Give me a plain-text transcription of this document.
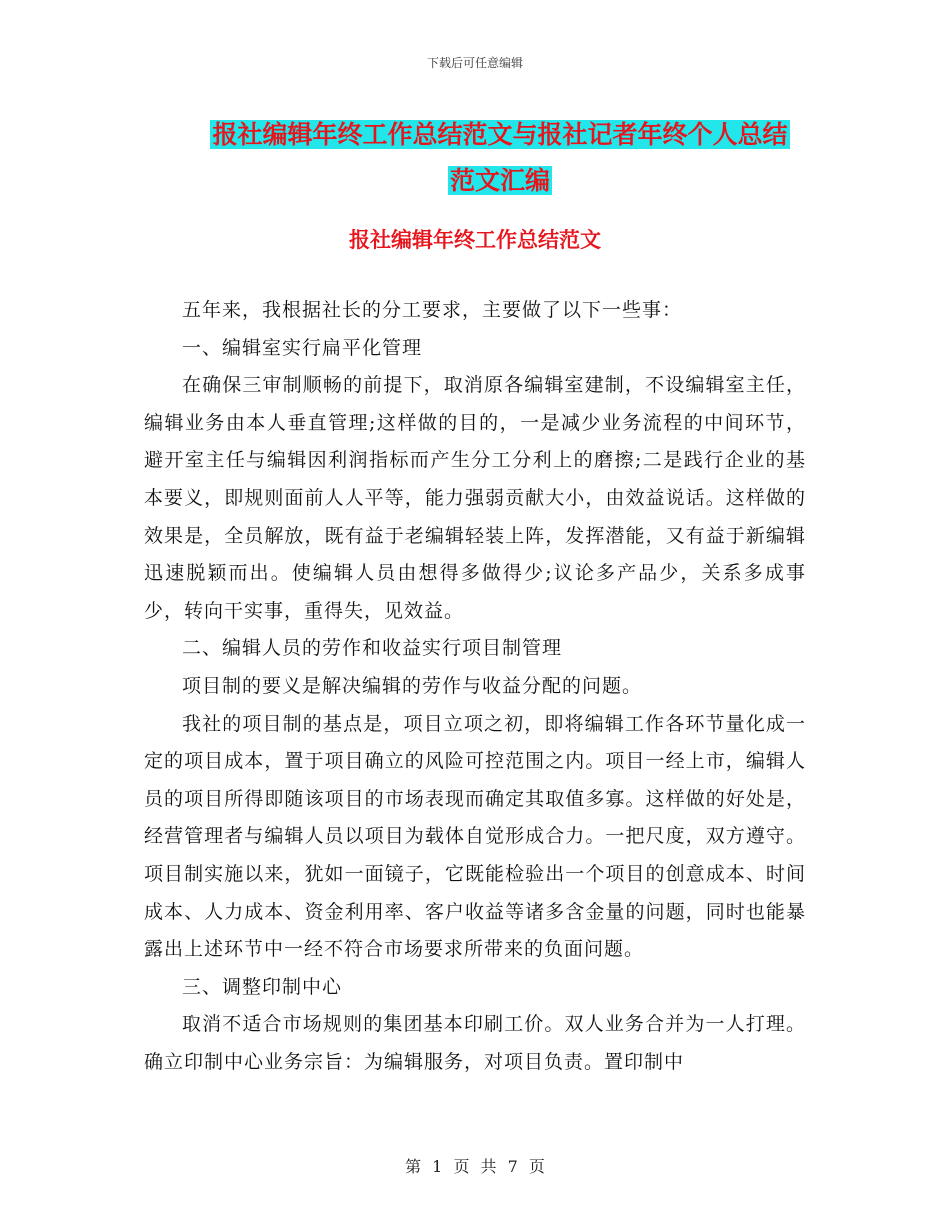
下载后可任意编辑
报社编辑年终工作总结范文与报社记者年终个人总结
范文汇编
报社编辑年终工作总结范文

五年来，我根据社长的分工要求，主要做了以下一些事：

一、编辑室实行扁平化管理

在确保三审制顺畅的前提下，取消原各编辑室建制，不设编辑室主任，编辑业务由本人垂直管理;这样做的目的，一是减少业务流程的中间环节，避开室主任与编辑因利润指标而产生分工分利上的磨擦;二是践行企业的基本要义，即规则面前人人平等，能力强弱贡献大小，由效益说话。这样做的效果是，全员解放，既有益于老编辑轻装上阵，发挥潜能，又有益于新编辑迅速脱颖而出。使编辑人员由想得多做得少;议论多产品少，关系多成事少，转向干实事，重得失，见效益。

二、编辑人员的劳作和收益实行项目制管理

项目制的要义是解决编辑的劳作与收益分配的问题。

我社的项目制的基点是，项目立项之初，即将编辑工作各环节量化成一定的项目成本，置于项目确立的风险可控范围之内。项目一经上市，编辑人员的项目所得即随该项目的市场表现而确定其取值多寡。这样做的好处是，经营管理者与编辑人员以项目为载体自觉形成合力。一把尺度，双方遵守。项目制实施以来，犹如一面镜子，它既能检验出一个项目的创意成本、时间成本、人力成本、资金利用率、客户收益等诸多含金量的问题，同时也能暴露出上述环节中一经不符合市场要求所带来的负面问题。

三、调整印制中心

取消不适合市场规则的集团基本印刷工价。双人业务合并为一人打理。确立印制中心业务宗旨：为编辑服务，对项目负责。置印制中

第 1 页 共 7 页
